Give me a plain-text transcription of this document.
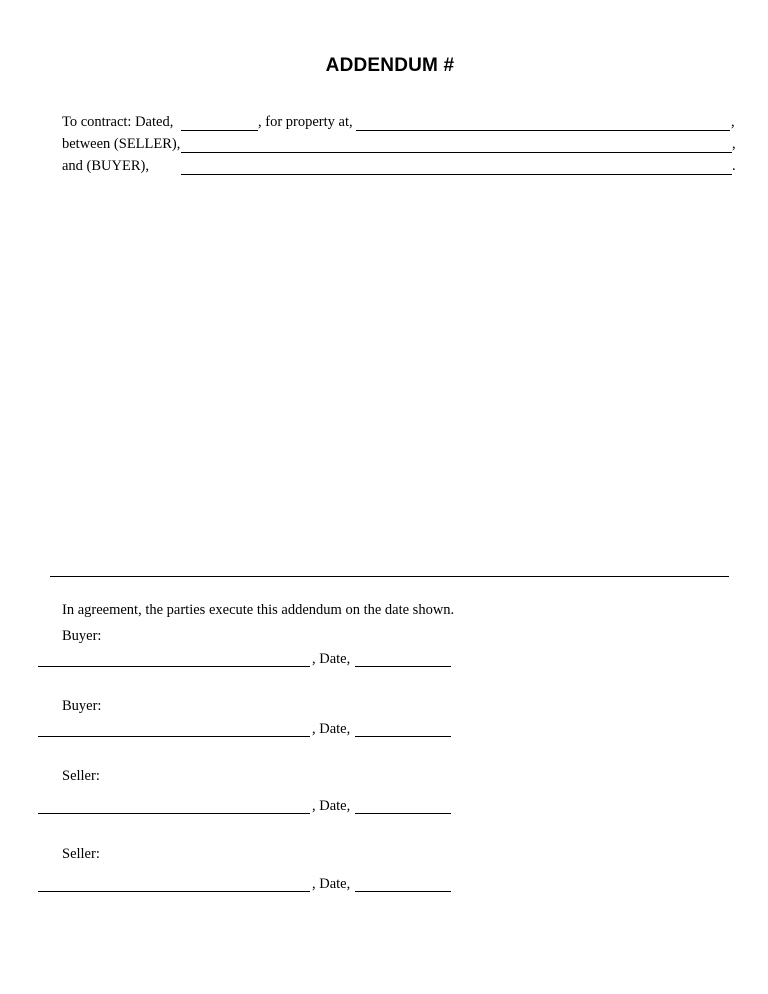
ADDENDUM #
To contract: Dated,	, for property at,	,
between (SELLER),	,
and (BUYER),	.
In agreement, the parties execute this addendum on the date shown.
Buyer:
, Date,
Buyer:
, Date,
Seller:
, Date,
Seller:
, Date,
